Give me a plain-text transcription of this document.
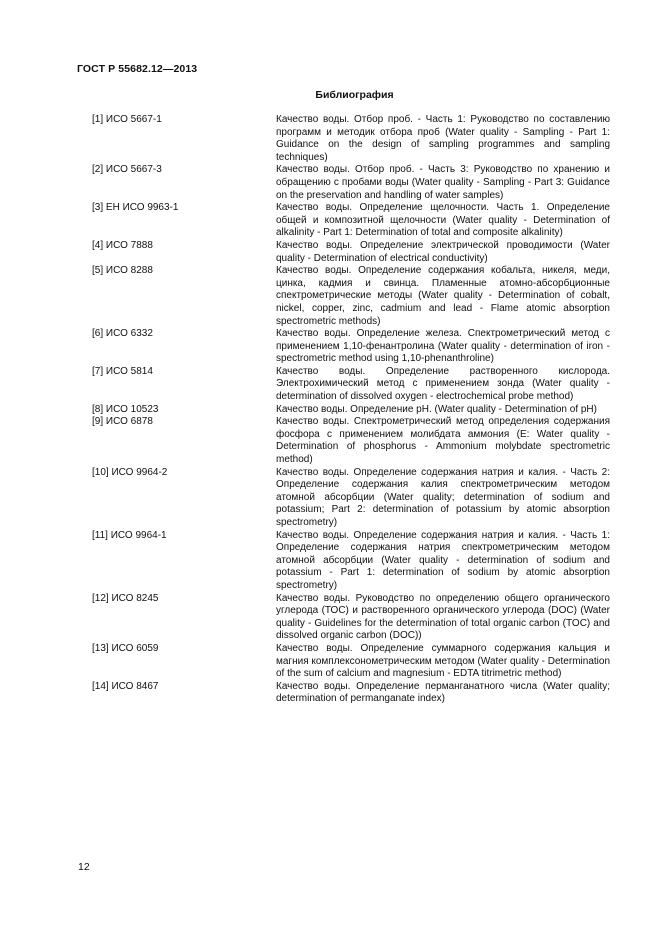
ГОСТ Р 55682.12—2013
Библиография
[1] ИСО 5667-1	Качество воды. Отбор проб. - Часть 1: Руководство по составлению программ и методик отбора проб (Water quality - Sampling - Part 1: Guidance on the design of sampling programmes and sampling techniques)
[2] ИСО 5667-3	Качество воды. Отбор проб. - Часть 3: Руководство по хранению и обращению с пробами воды (Water quality - Sampling - Part 3: Guidance on the preservation and handling of water samples)
[3] ЕН ИСО 9963-1	Качество воды. Определение щелочности. Часть 1. Определение общей и композитной щелочности (Water quality - Determination of alkalinity - Part 1: Determination of total and composite alkalinity)
[4] ИСО 7888	Качество воды. Определение электрической проводимости (Water quality - Determination of electrical conductivity)
[5] ИСО 8288	Качество воды. Определение содержания кобальта, никеля, меди, цинка, кадмия и свинца. Пламенные атомно-абсорбционные спектрометрические методы (Water quality - Determination of cobalt, nickel, copper, zinc, cadmium and lead - Flame atomic absorption spectrometric methods)
[6] ИСО 6332	Качество воды. Определение железа. Спектрометрический метод с применением 1,10-фенантролина (Water quality - determination of iron - spectrometric method using 1,10-phenanthroline)
[7] ИСО 5814	Качество воды. Определение растворенного кислорода. Электрохимический метод с применением зонда (Water quality - determination of dissolved oxygen - electrochemical probe method)
[8] ИСО 10523	Качество воды. Определение pH. (Water quality - Determination of pH)
[9] ИСО 6878	Качество воды. Спектрометрический метод определения содержания фосфора с применением молибдата аммония (E: Water quality - Determination of phosphorus - Ammonium molybdate spectrometric method)
[10] ИСО 9964-2	Качество воды. Определение содержания натрия и калия. - Часть 2: Определение содержания калия спектрометрическим методом атомной абсорбции (Water quality; determination of sodium and potassium; Part 2: determination of potassium by atomic absorption spectrometry)
[11] ИСО 9964-1	Качество воды. Определение содержания натрия и калия. - Часть 1: Определение содержания натрия спектрометрическим методом атомной абсорбции (Water quality - determination of sodium and potassium - Part 1: determination of sodium by atomic absorption spectrometry)
[12] ИСО 8245	Качество воды. Руководство по определению общего органического углерода (ТОС) и растворенного органического углерода (DOC) (Water quality - Guidelines for the determination of total organic carbon (TOC) and dissolved organic carbon (DOC))
[13] ИСО 6059	Качество воды. Определение суммарного содержания кальция и магния комплексонометрическим методом (Water quality - Determination of the sum of calcium and magnesium - EDTA titrimetric method)
[14] ИСО 8467	Качество воды. Определение перманганатного числа (Water quality; determination of permanganate index)
12
